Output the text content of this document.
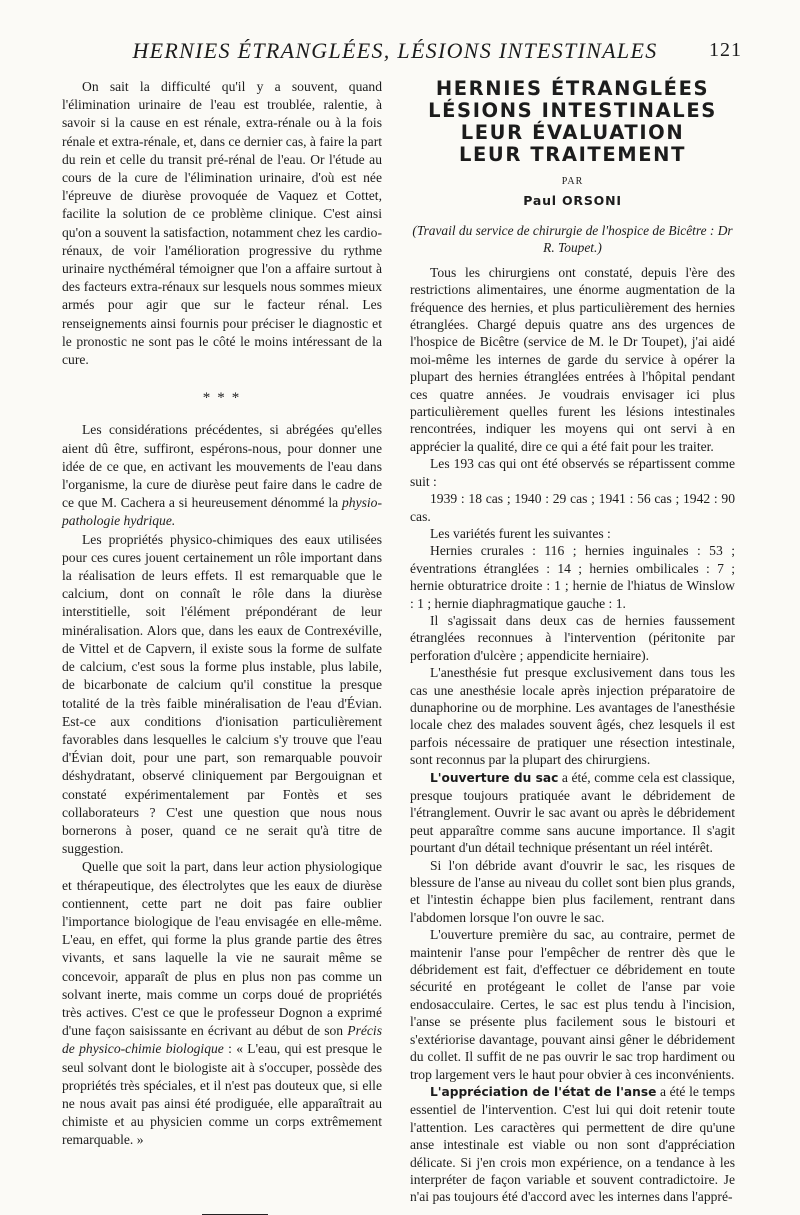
HERNIES ÉTRANGLÉES, LÉSIONS INTESTINALES	121

On sait la difficulté qu'il y a souvent, quand l'élimination urinaire de l'eau est troublée, ralentie, à savoir si la cause en est rénale, extra-rénale ou à la fois rénale et extra-rénale, et, dans ce dernier cas, à faire la part du rein et celle du transit pré-rénal de l'eau. Or l'étude au cours de la cure de l'élimination urinaire, d'où est née l'épreuve de diurèse provoquée de Vaquez et Cottet, facilite la solution de ce problème clinique. C'est ainsi qu'on a souvent la satisfaction, notamment chez les cardio-rénaux, de voir l'amélioration progressive du rythme urinaire nycthéméral témoigner que l'on a affaire surtout à des facteurs extra-rénaux sur lesquels nous sommes mieux armés pour agir que sur le facteur rénal. Les renseignements ainsi fournis pour préciser le diagnostic et le pronostic ne sont pas le côté le moins intéressant de la cure.

* * *

Les considérations précédentes, si abrégées qu'elles aient dû être, suffiront, espérons-nous, pour donner une idée de ce que, en activant les mouvements de l'eau dans l'organisme, la cure de diurèse peut faire dans le cadre de ce que M. Cachera a si heureusement dénommé la physio-pathologie hydrique.

Les propriétés physico-chimiques des eaux utilisées pour ces cures jouent certainement un rôle important dans la réalisation de leurs effets. Il est remarquable que le calcium, dont on connaît le rôle dans la diurèse interstitielle, soit l'élément prépondérant de leur minéralisation. Alors que, dans les eaux de Contrexéville, de Vittel et de Capvern, il existe sous la forme de sulfate de calcium, c'est sous la forme plus instable, plus labile, de bicarbonate de calcium qu'il constitue la presque totalité de la très faible minéralisation de l'eau d'Évian. Est-ce aux conditions d'ionisation particulièrement favorables dans lesquelles le calcium s'y trouve que l'eau d'Évian doit, pour une part, son remarquable pouvoir déshydratant, observé cliniquement par Bergouignan et constaté expérimentalement par Fontès et ses collaborateurs ? C'est une question que nous nous bornerons à poser, quand ce ne serait qu'à titre de suggestion.

Quelle que soit la part, dans leur action physiologique et thérapeutique, des électrolytes que les eaux de diurèse contiennent, cette part ne doit pas faire oublier l'importance biologique de l'eau envisagée en elle-même. L'eau, en effet, qui forme la plus grande partie des êtres vivants, et sans laquelle la vie ne saurait même se concevoir, apparaît de plus en plus non pas comme un solvant inerte, mais comme un corps doué de propriétés très actives. C'est ce que le professeur Dognon a exprimé d'une façon saisissante en écrivant au début de son Précis de physico-chimie biologique : « L'eau, qui est presque le seul solvant dont le biologiste ait à s'occuper, possède des propriétés très spéciales, et il n'est pas douteux que, si elle ne nous avait pas ainsi été prodiguée, elle apparaîtrait au chimiste et au physicien comme un corps extrêmement remarquable. »

HERNIES ÉTRANGLÉES
LÉSIONS INTESTINALES
LEUR ÉVALUATION
LEUR TRAITEMENT
PAR
Paul ORSONI
(Travail du service de chirurgie de l'hospice de Bicêtre : Dr R. Toupet.)

Tous les chirurgiens ont constaté, depuis l'ère des restrictions alimentaires, une énorme augmentation de la fréquence des hernies, et plus particulièrement des hernies étranglées. Chargé depuis quatre ans des urgences de l'hospice de Bicêtre (service de M. le Dr Toupet), j'ai aidé moi-même les internes de garde du service à opérer la plupart des hernies étranglées entrées à l'hôpital pendant ces quatre années. Je voudrais envisager ici plus particulièrement quelles furent les lésions intestinales rencontrées, indiquer les moyens qui ont servi à en apprécier la qualité, dire ce qui a été fait pour les traiter.

Les 193 cas qui ont été observés se répartissent comme suit :

1939 : 18 cas ; 1940 : 29 cas ; 1941 : 56 cas ; 1942 : 90 cas.

Les variétés furent les suivantes :

Hernies crurales : 116 ; hernies inguinales : 53 ; éventrations étranglées : 14 ; hernies ombilicales : 7 ; hernie obturatrice droite : 1 ; hernie de l'hiatus de Winslow : 1 ; hernie diaphragmatique gauche : 1.

Il s'agissait dans deux cas de hernies faussement étranglées reconnues à l'intervention (péritonite par perforation d'ulcère ; appendicite herniaire).

L'anesthésie fut presque exclusivement dans tous les cas une anesthésie locale après injection préparatoire de dunaphorine ou de morphine. Les avantages de l'anesthésie locale chez des malades souvent âgés, chez lesquels il est parfois nécessaire de pratiquer une résection intestinale, sont reconnus par la plupart des chirurgiens.

L'ouverture du sac a été, comme cela est classique, presque toujours pratiquée avant le débridement de l'étranglement. Ouvrir le sac avant ou après le débridement peut apparaître comme sans aucune importance. Il s'agit pourtant d'un détail technique présentant un réel intérêt.

Si l'on débride avant d'ouvrir le sac, les risques de blessure de l'anse au niveau du collet sont bien plus grands, et l'intestin échappe bien plus facilement, rentrant dans l'abdomen lorsque l'on ouvre le sac.

L'ouverture première du sac, au contraire, permet de maintenir l'anse pour l'empêcher de rentrer dès que le débridement est fait, d'effectuer ce débridement en toute sécurité en protégeant le collet de l'anse par voie endosacculaire. Certes, le sac est plus tendu à l'incision, l'anse se présente plus facilement sous le bistouri et s'extériorise davantage, pouvant ainsi gêner le débridement du collet. Il suffit de ne pas ouvrir le sac trop hardiment ou trop largement vers le haut pour obvier à ces inconvénients.

L'appréciation de l'état de l'anse a été le temps essentiel de l'intervention. C'est lui qui doit retenir toute l'attention. Les caractères qui permettent de dire qu'une anse intestinale est viable ou non sont d'appréciation délicate. Si j'en crois mon expérience, on a tendance à les interpréter de façon variable et souvent contradictoire. Je n'ai pas toujours été d'accord avec les internes dans l'appré-
